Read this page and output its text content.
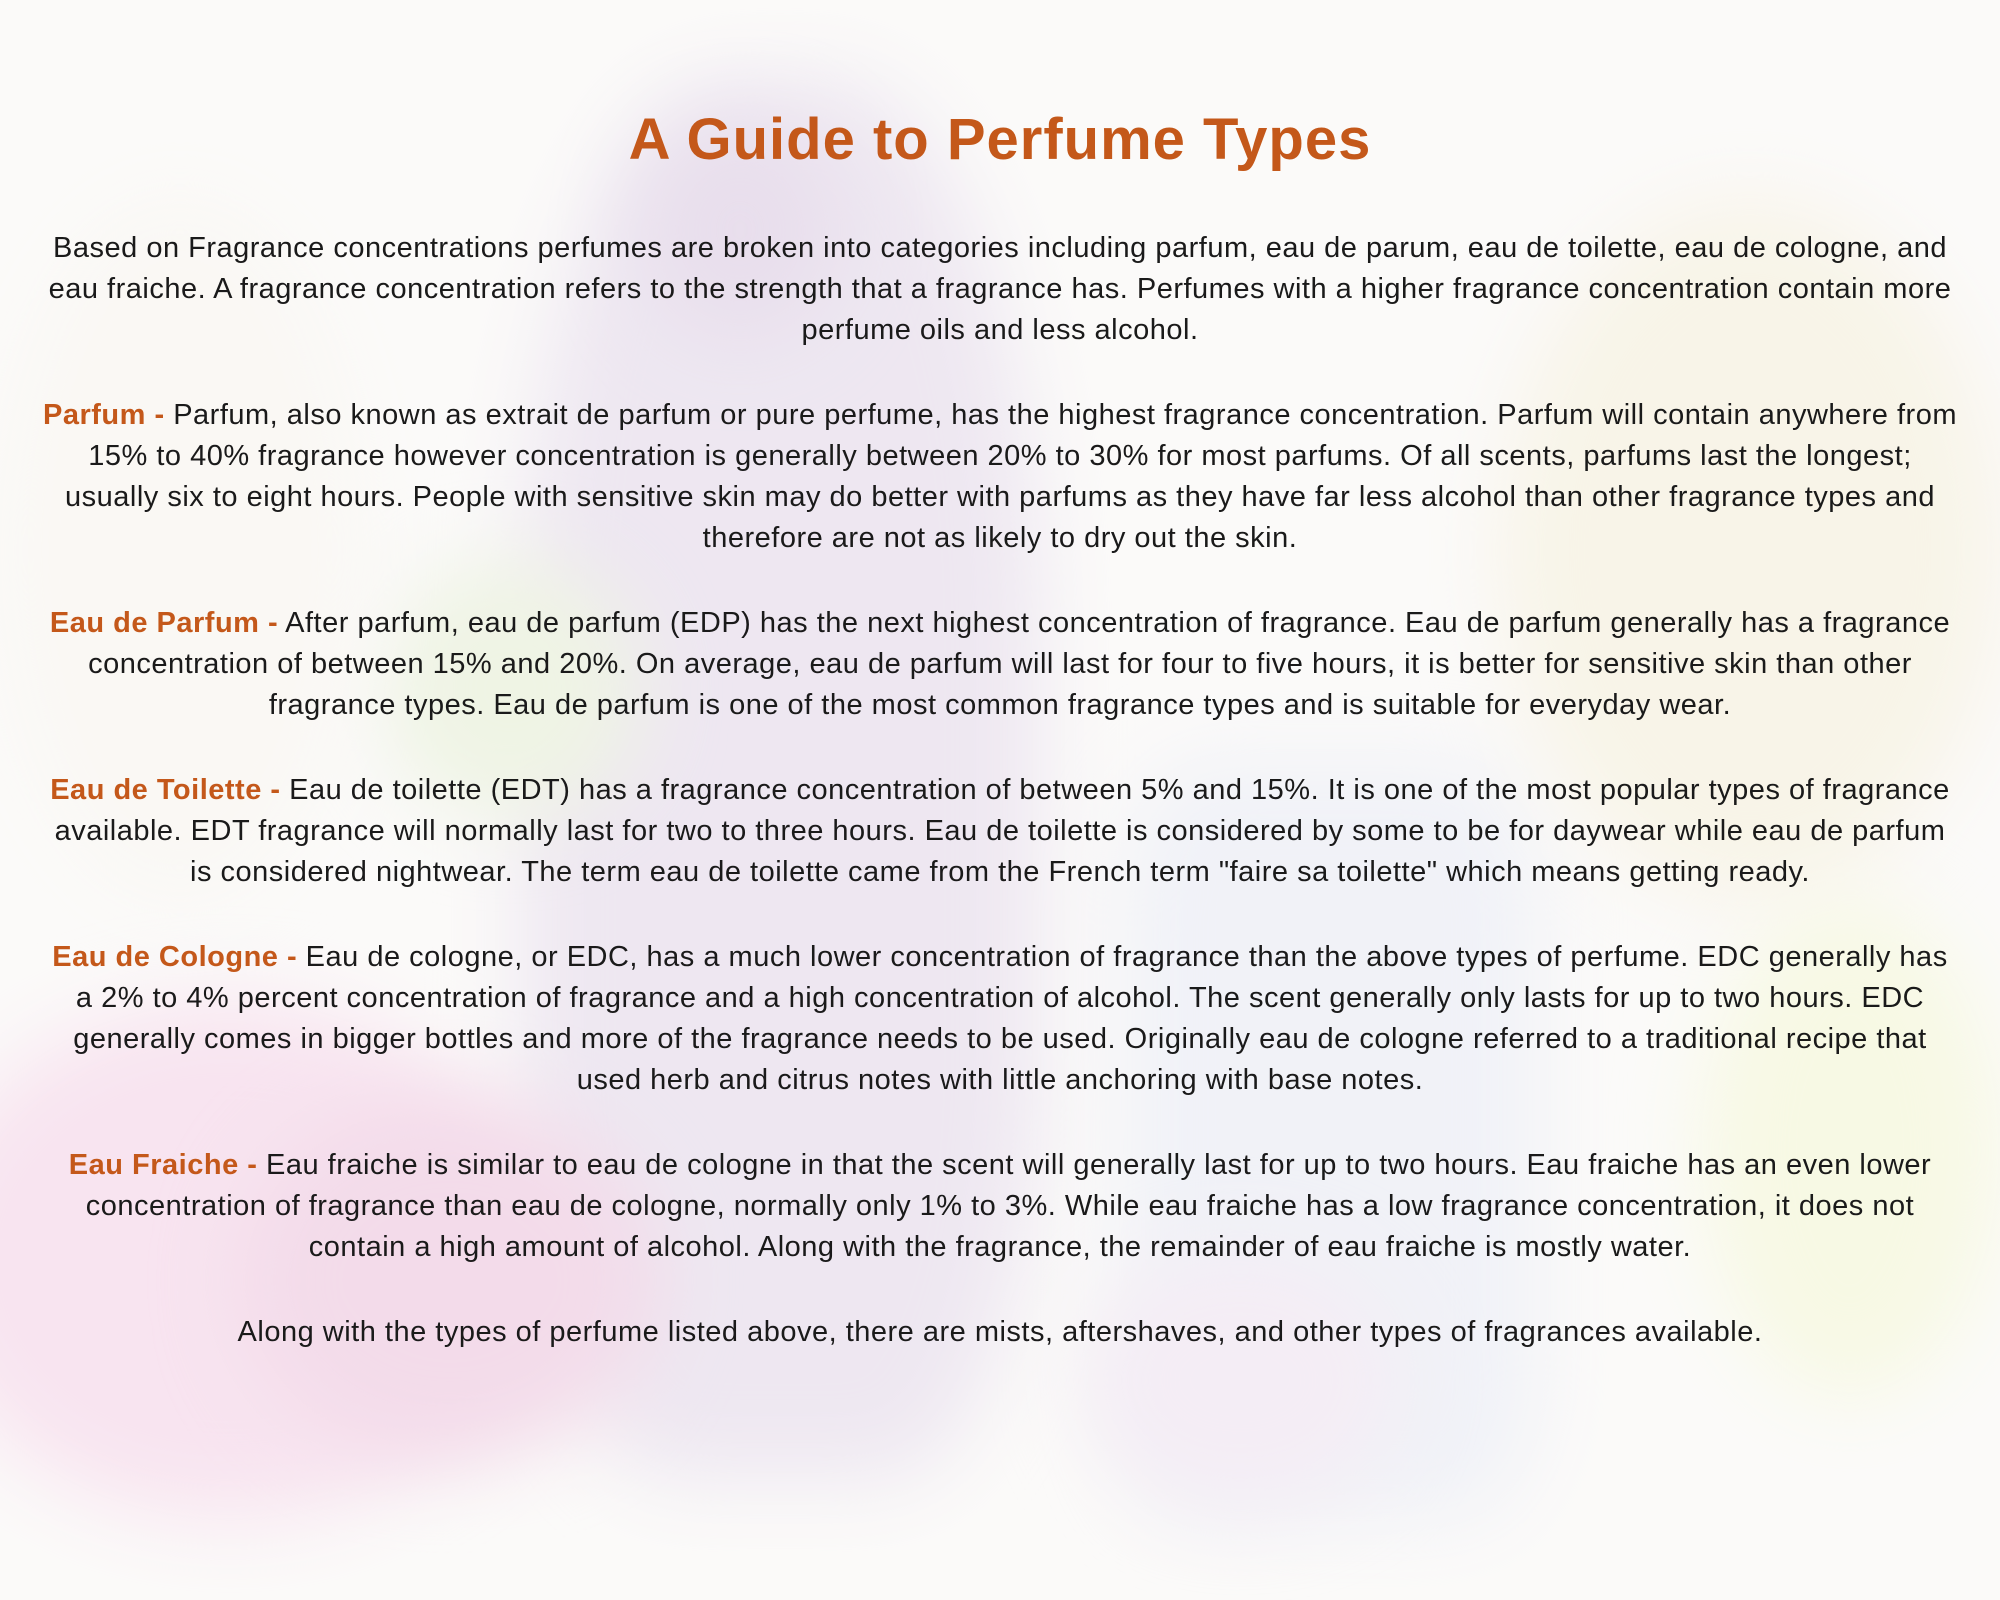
A Guide to Perfume Types

Based on Fragrance concentrations perfumes are broken into categories including parfum, eau de parum, eau de toilette, eau de cologne, and eau fraiche. A fragrance concentration refers to the strength that a fragrance has. Perfumes with a higher fragrance concentration contain more perfume oils and less alcohol.

Parfum - Parfum, also known as extrait de parfum or pure perfume, has the highest fragrance concentration. Parfum will contain anywhere from 15% to 40% fragrance however concentration is generally between 20% to 30% for most parfums. Of all scents, parfums last the longest; usually six to eight hours. People with sensitive skin may do better with parfums as they have far less alcohol than other fragrance types and therefore are not as likely to dry out the skin.

Eau de Parfum - After parfum, eau de parfum (EDP) has the next highest concentration of fragrance. Eau de parfum generally has a fragrance concentration of between 15% and 20%. On average, eau de parfum will last for four to five hours, it is better for sensitive skin than other fragrance types. Eau de parfum is one of the most common fragrance types and is suitable for everyday wear.

Eau de Toilette - Eau de toilette (EDT) has a fragrance concentration of between 5% and 15%. It is one of the most popular types of fragrance available. EDT fragrance will normally last for two to three hours. Eau de toilette is considered by some to be for daywear while eau de parfum is considered nightwear. The term eau de toilette came from the French term "faire sa toilette" which means getting ready.

Eau de Cologne - Eau de cologne, or EDC, has a much lower concentration of fragrance than the above types of perfume. EDC generally has a 2% to 4% percent concentration of fragrance and a high concentration of alcohol. The scent generally only lasts for up to two hours. EDC generally comes in bigger bottles and more of the fragrance needs to be used. Originally eau de cologne referred to a traditional recipe that used herb and citrus notes with little anchoring with base notes.

Eau Fraiche - Eau fraiche is similar to eau de cologne in that the scent will generally last for up to two hours. Eau fraiche has an even lower concentration of fragrance than eau de cologne, normally only 1% to 3%. While eau fraiche has a low fragrance concentration, it does not contain a high amount of alcohol. Along with the fragrance, the remainder of eau fraiche is mostly water.

Along with the types of perfume listed above, there are mists, aftershaves, and other types of fragrances available.
